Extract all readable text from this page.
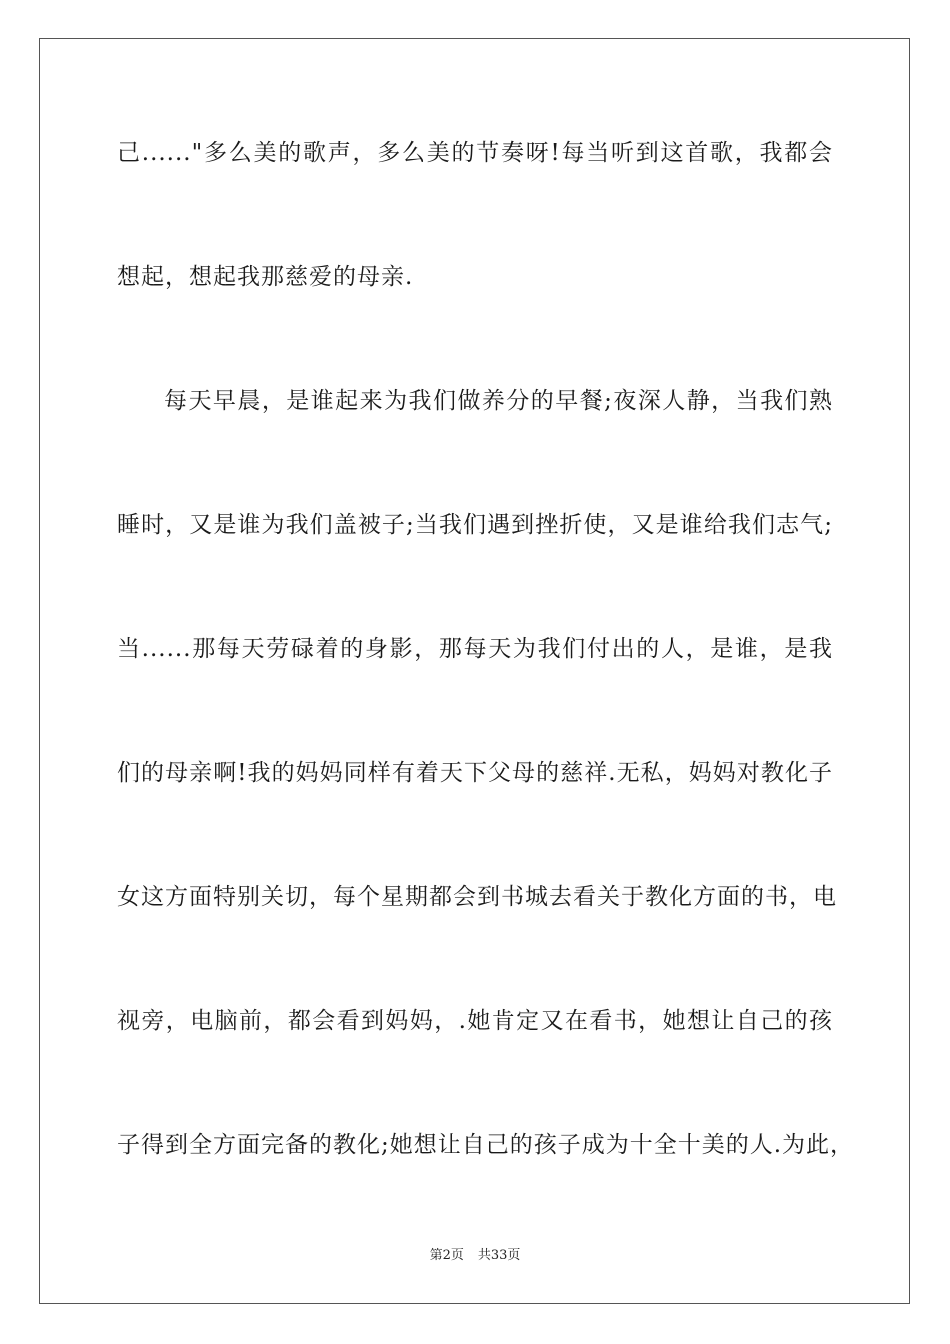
己......"多么美的歌声，多么美的节奏呀!每当听到这首歌，我都会
想起，想起我那慈爱的母亲.
每天早晨，是谁起来为我们做养分的早餐;夜深人静，当我们熟
睡时，又是谁为我们盖被子;当我们遇到挫折使，又是谁给我们志气;
当......那每天劳碌着的身影，那每天为我们付出的人，是谁，是我
们的母亲啊!我的妈妈同样有着天下父母的慈祥.无私，妈妈对教化子
女这方面特别关切，每个星期都会到书城去看关于教化方面的书，电
视旁，电脑前，都会看到妈妈，.她肯定又在看书，她想让自己的孩
子得到全方面完备的教化;她想让自己的孩子成为十全十美的人.为此，
第2页 共33页
